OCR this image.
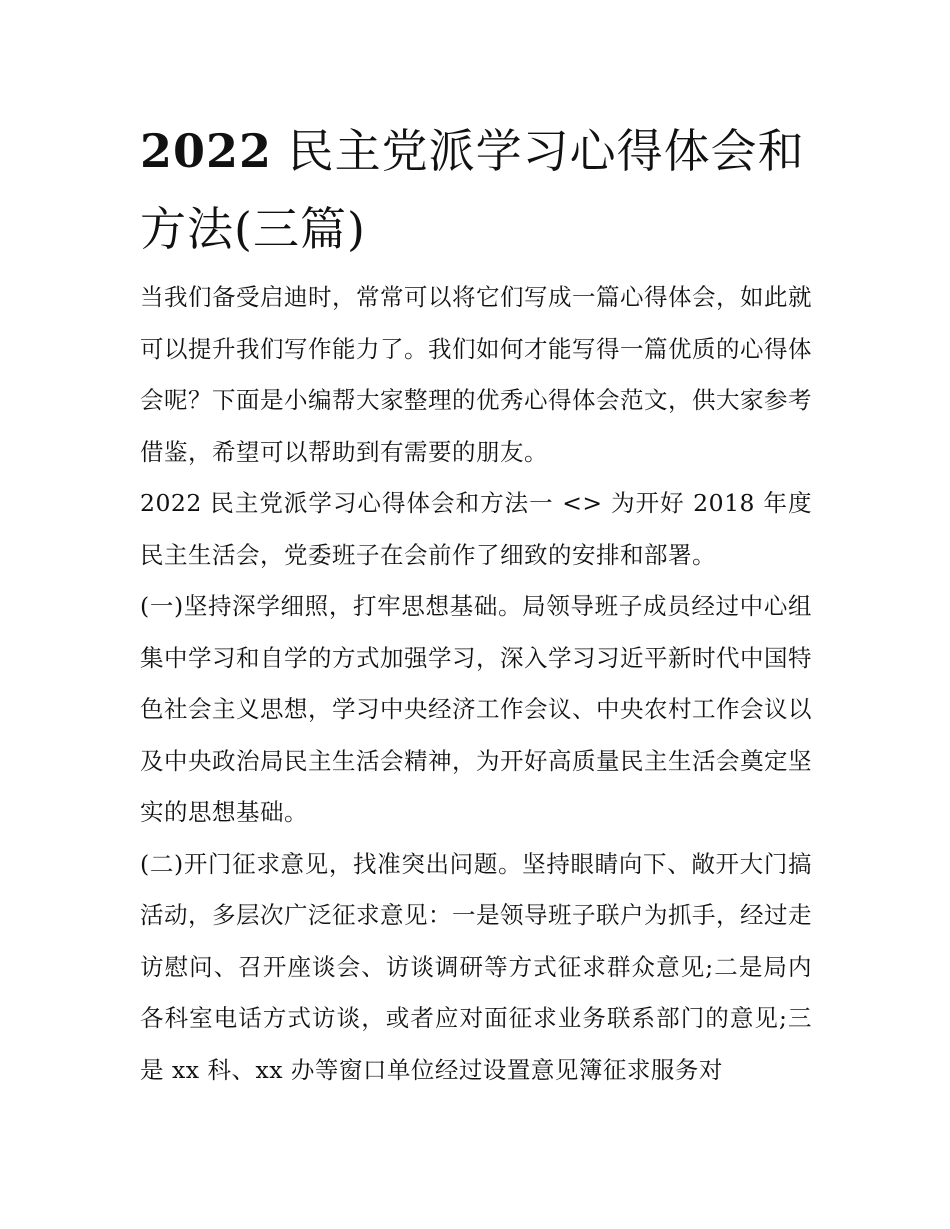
2022 民主党派学习心得体会和方法(三篇)

当我们备受启迪时，常常可以将它们写成一篇心得体会，如此就可以提升我们写作能力了。我们如何才能写得一篇优质的心得体会呢？下面是小编帮大家整理的优秀心得体会范文，供大家参考借鉴，希望可以帮助到有需要的朋友。

2022 民主党派学习心得体会和方法一 <> 为开好 2018 年度民主生活会，党委班子在会前作了细致的安排和部署。

(一)坚持深学细照，打牢思想基础。局领导班子成员经过中心组集中学习和自学的方式加强学习，深入学习习近平新时代中国特色社会主义思想，学习中央经济工作会议、中央农村工作会议以及中央政治局民主生活会精神，为开好高质量民主生活会奠定坚实的思想基础。

(二)开门征求意见，找准突出问题。坚持眼睛向下、敞开大门搞活动，多层次广泛征求意见：一是领导班子联户为抓手，经过走访慰问、召开座谈会、访谈调研等方式征求群众意见;二是局内各科室电话方式访谈，或者应对面征求业务联系部门的意见;三是 xx 科、xx 办等窗口单位经过设置意见簿征求服务对
